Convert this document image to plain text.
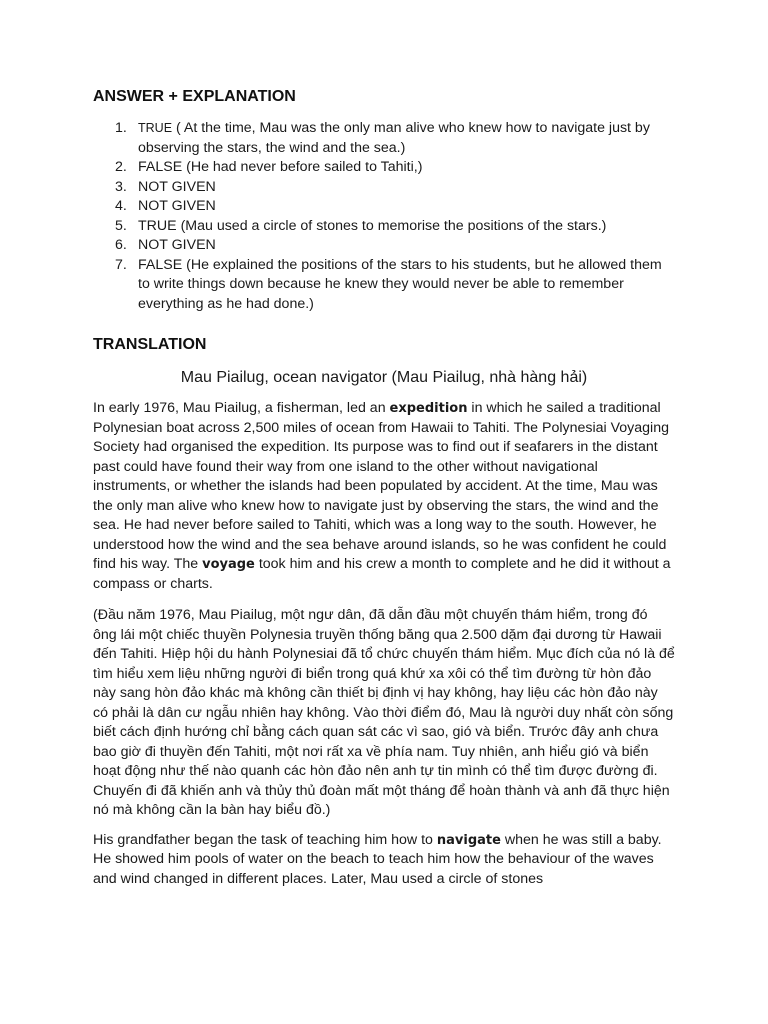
ANSWER + EXPLANATION
1. TRUE ( At the time, Mau was the only man alive who knew how to navigate just by observing the stars, the wind and the sea.)
2. FALSE (He had never before sailed to Tahiti,)
3. NOT GIVEN
4. NOT GIVEN
5. TRUE (Mau used a circle of stones to memorise the positions of the stars.)
6. NOT GIVEN
7. FALSE (He explained the positions of the stars to his students, but he allowed them to write things down because he knew they would never be able to remember everything as he had done.)
TRANSLATION
Mau Piailug, ocean navigator (Mau Piailug, nhà hàng hải)

In early 1976, Mau Piailug, a fisherman, led an expedition in which he sailed a traditional Polynesian boat across 2,500 miles of ocean from Hawaii to Tahiti. The Polynesiai Voyaging Society had organised the expedition. Its purpose was to find out if seafarers in the distant past could have found their way from one island to the other without navigational instruments, or whether the islands had been populated by accident. At the time, Mau was the only man alive who knew how to navigate just by observing the stars, the wind and the sea. He had never before sailed to Tahiti, which was a long way to the south. However, he understood how the wind and the sea behave around islands, so he was confident he could find his way. The voyage took him and his crew a month to complete and he did it without a compass or charts.

(Đầu năm 1976, Mau Piailug, một ngư dân, đã dẫn đầu một chuyến thám hiểm, trong đó ông lái một chiếc thuyền Polynesia truyền thống băng qua 2.500 dặm đại dương từ Hawaii đến Tahiti. Hiệp hội du hành Polynesiai đã tổ chức chuyến thám hiểm. Mục đích của nó là để tìm hiểu xem liệu những người đi biển trong quá khứ xa xôi có thể tìm đường từ hòn đảo này sang hòn đảo khác mà không cần thiết bị định vị hay không, hay liệu các hòn đảo này có phải là dân cư ngẫu nhiên hay không. Vào thời điểm đó, Mau là người duy nhất còn sống biết cách định hướng chỉ bằng cách quan sát các vì sao, gió và biển. Trước đây anh chưa bao giờ đi thuyền đến Tahiti, một nơi rất xa về phía nam. Tuy nhiên, anh hiểu gió và biển hoạt động như thế nào quanh các hòn đảo nên anh tự tin mình có thể tìm được đường đi. Chuyến đi đã khiến anh và thủy thủ đoàn mất một tháng để hoàn thành và anh đã thực hiện nó mà không cần la bàn hay biểu đồ.)

His grandfather began the task of teaching him how to navigate when he was still a baby. He showed him pools of water on the beach to teach him how the behaviour of the waves and wind changed in different places. Later, Mau used a circle of stones
